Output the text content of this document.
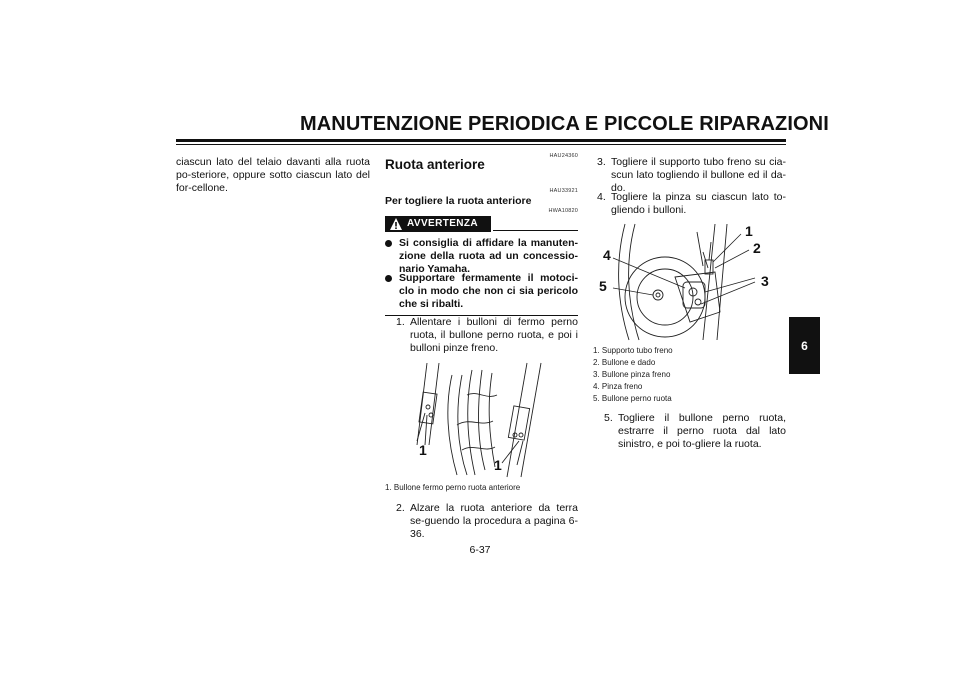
MANUTENZIONE PERIODICA E PICCOLE RIPARAZIONI
6
ciascun lato del telaio davanti alla ruota po-steriore, oppure sotto ciascun lato del for-cellone.
HAU24360
Ruota anteriore
HAU33921
Per togliere la ruota anteriore
HWA10820
AVVERTENZA
Si consiglia di affidare la manuten-zione della ruota ad un concessio-nario Yamaha.
Supportare fermamente il motoci-clo in modo che non ci sia pericolo che si ribalti.
1. Allentare i bulloni di fermo perno ruota, il bullone perno ruota, e poi i bulloni pinze freno.
1
1
1. Bullone fermo perno ruota anteriore
2. Alzare la ruota anteriore da terra se-guendo la procedura a pagina 6-36.
3. Togliere il supporto tubo freno su cia-scun lato togliendo il bullone ed il da-do.
4. Togliere la pinza su ciascun lato to-gliendo i bulloni.
1
2
3
4
5
1. Supporto tubo freno
2. Bullone e dado
3. Bullone pinza freno
4. Pinza freno
5. Bullone perno ruota
5. Togliere il bullone perno ruota, estrarre il perno ruota dal lato sinistro, e poi to-gliere la ruota.
6-37
